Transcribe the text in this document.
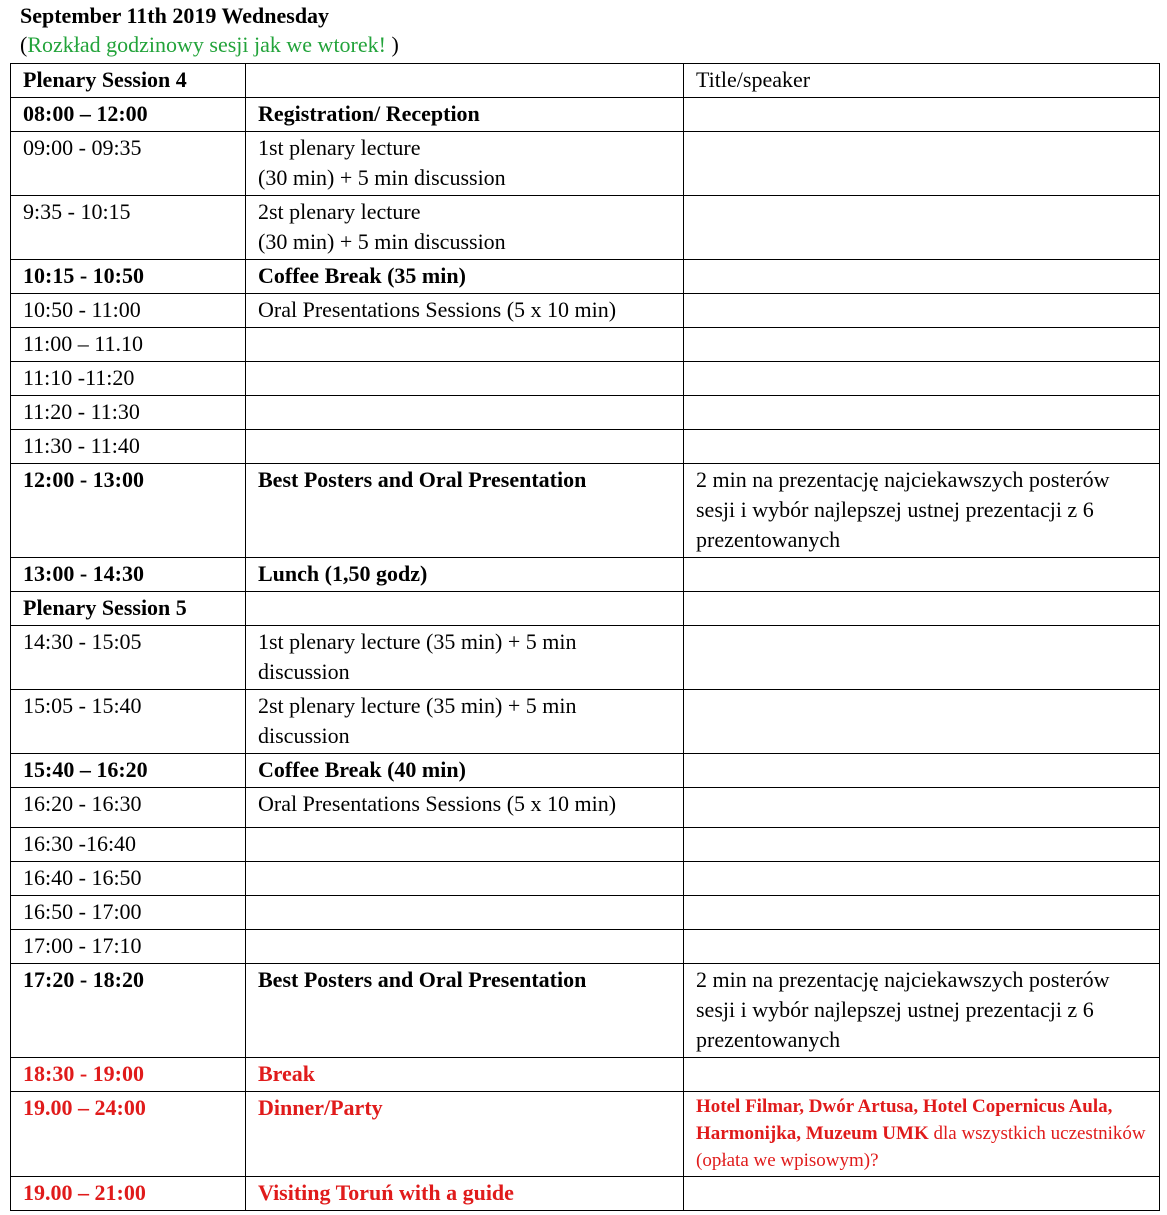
September 11th 2019 Wednesday
(Rozkład godzinowy sesji jak we wtorek! )
Plenary Session 4		Title/speaker
08:00 – 12:00	Registration/ Reception	
09:00 - 09:35	1st plenary lecture
(30 min) + 5 min discussion	

9:35 - 10:15	2st plenary lecture
(30 min) + 5 min discussion	

10:15 - 10:50	Coffee Break (35 min)	
10:50 - 11:00	Oral Presentations Sessions (5 x 10 min)	
11:00 – 11.10		
11:10 -11:20		
11:20 - 11:30		
11:30 - 11:40		
12:00 - 13:00	Best Posters and Oral Presentation	2 min na prezentację najciekawszych posterów sesji i wybór najlepszej ustnej prezentacji z 6 prezentowanych

13:00 - 14:30	Lunch (1,50 godz)	
Plenary Session 5		
14:30 - 15:05	1st plenary lecture (35 min) + 5 min
discussion	

15:05 - 15:40	2st plenary lecture (35 min) + 5 min
discussion	

15:40 – 16:20	Coffee Break (40 min)	
16:20 - 16:30	Oral Presentations Sessions (5 x 10 min)	
16:30 -16:40		
16:40 - 16:50		
16:50 - 17:00		
17:00 - 17:10		
17:20 - 18:20	Best Posters and Oral Presentation	2 min na prezentację najciekawszych posterów sesji i wybór najlepszej ustnej prezentacji z 6 prezentowanych

18:30 - 19:00	Break	
19.00 – 24:00	Dinner/Party	Hotel Filmar, Dwór Artusa, Hotel Copernicus Aula, Harmonijka, Muzeum UMK dla wszystkich uczestników (opłata we wpisowym)?

19.00 – 21:00	Visiting Toruń with a guide	
